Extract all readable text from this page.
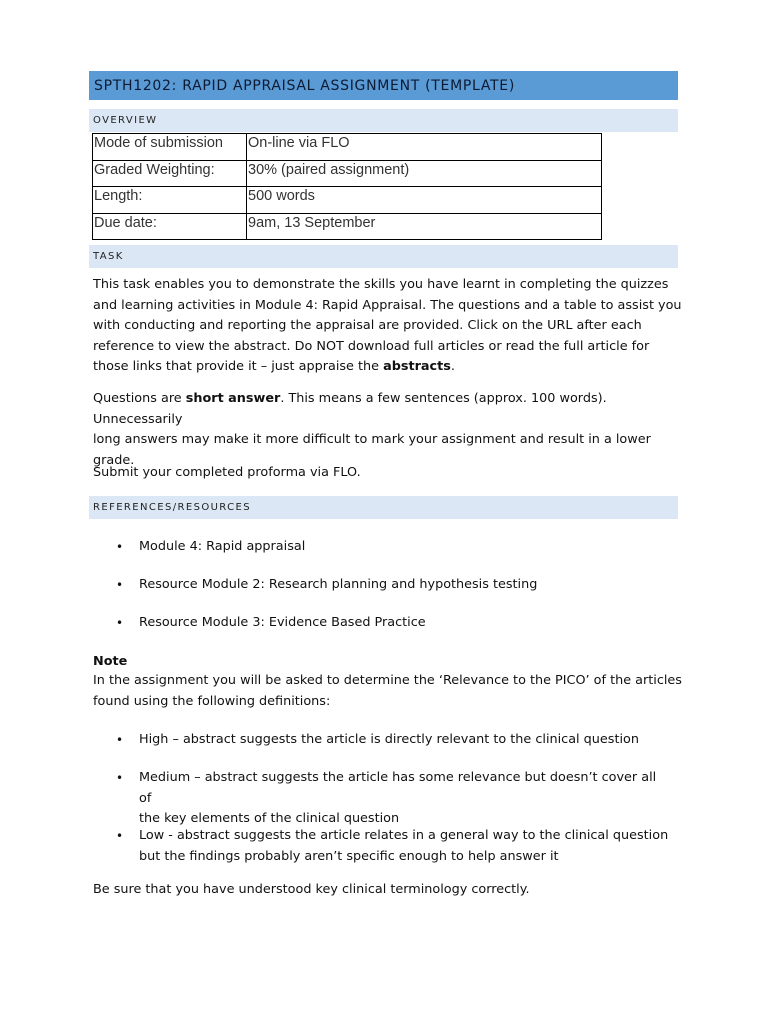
SPTH1202: RAPID APPRAISAL ASSIGNMENT (TEMPLATE)
OVERVIEW
Mode of submission	On-line via FLO
Graded Weighting:	30% (paired assignment)
Length:	500 words
Due date:	9am, 13 September
TASK
This task enables you to demonstrate the skills you have learnt in completing the quizzes
and learning activities in Module 4: Rapid Appraisal. The questions and a table to assist you
with conducting and reporting the appraisal are provided. Click on the URL after each
reference to view the abstract. Do NOT download full articles or read the full article for
those links that provide it – just appraise the abstracts.
Questions are short answer. This means a few sentences (approx. 100 words). Unnecessarily
long answers may make it more difficult to mark your assignment and result in a lower
grade.
Submit your completed proforma via FLO.
REFERENCES/RESOURCES
• Module 4: Rapid appraisal
• Resource Module 2: Research planning and hypothesis testing
• Resource Module 3: Evidence Based Practice
Note
In the assignment you will be asked to determine the ‘Relevance to the PICO’ of the articles
found using the following definitions:
• High – abstract suggests the article is directly relevant to the clinical question
• Medium – abstract suggests the article has some relevance but doesn’t cover all of
the key elements of the clinical question
• Low - abstract suggests the article relates in a general way to the clinical question
but the findings probably aren’t specific enough to help answer it
Be sure that you have understood key clinical terminology correctly.
